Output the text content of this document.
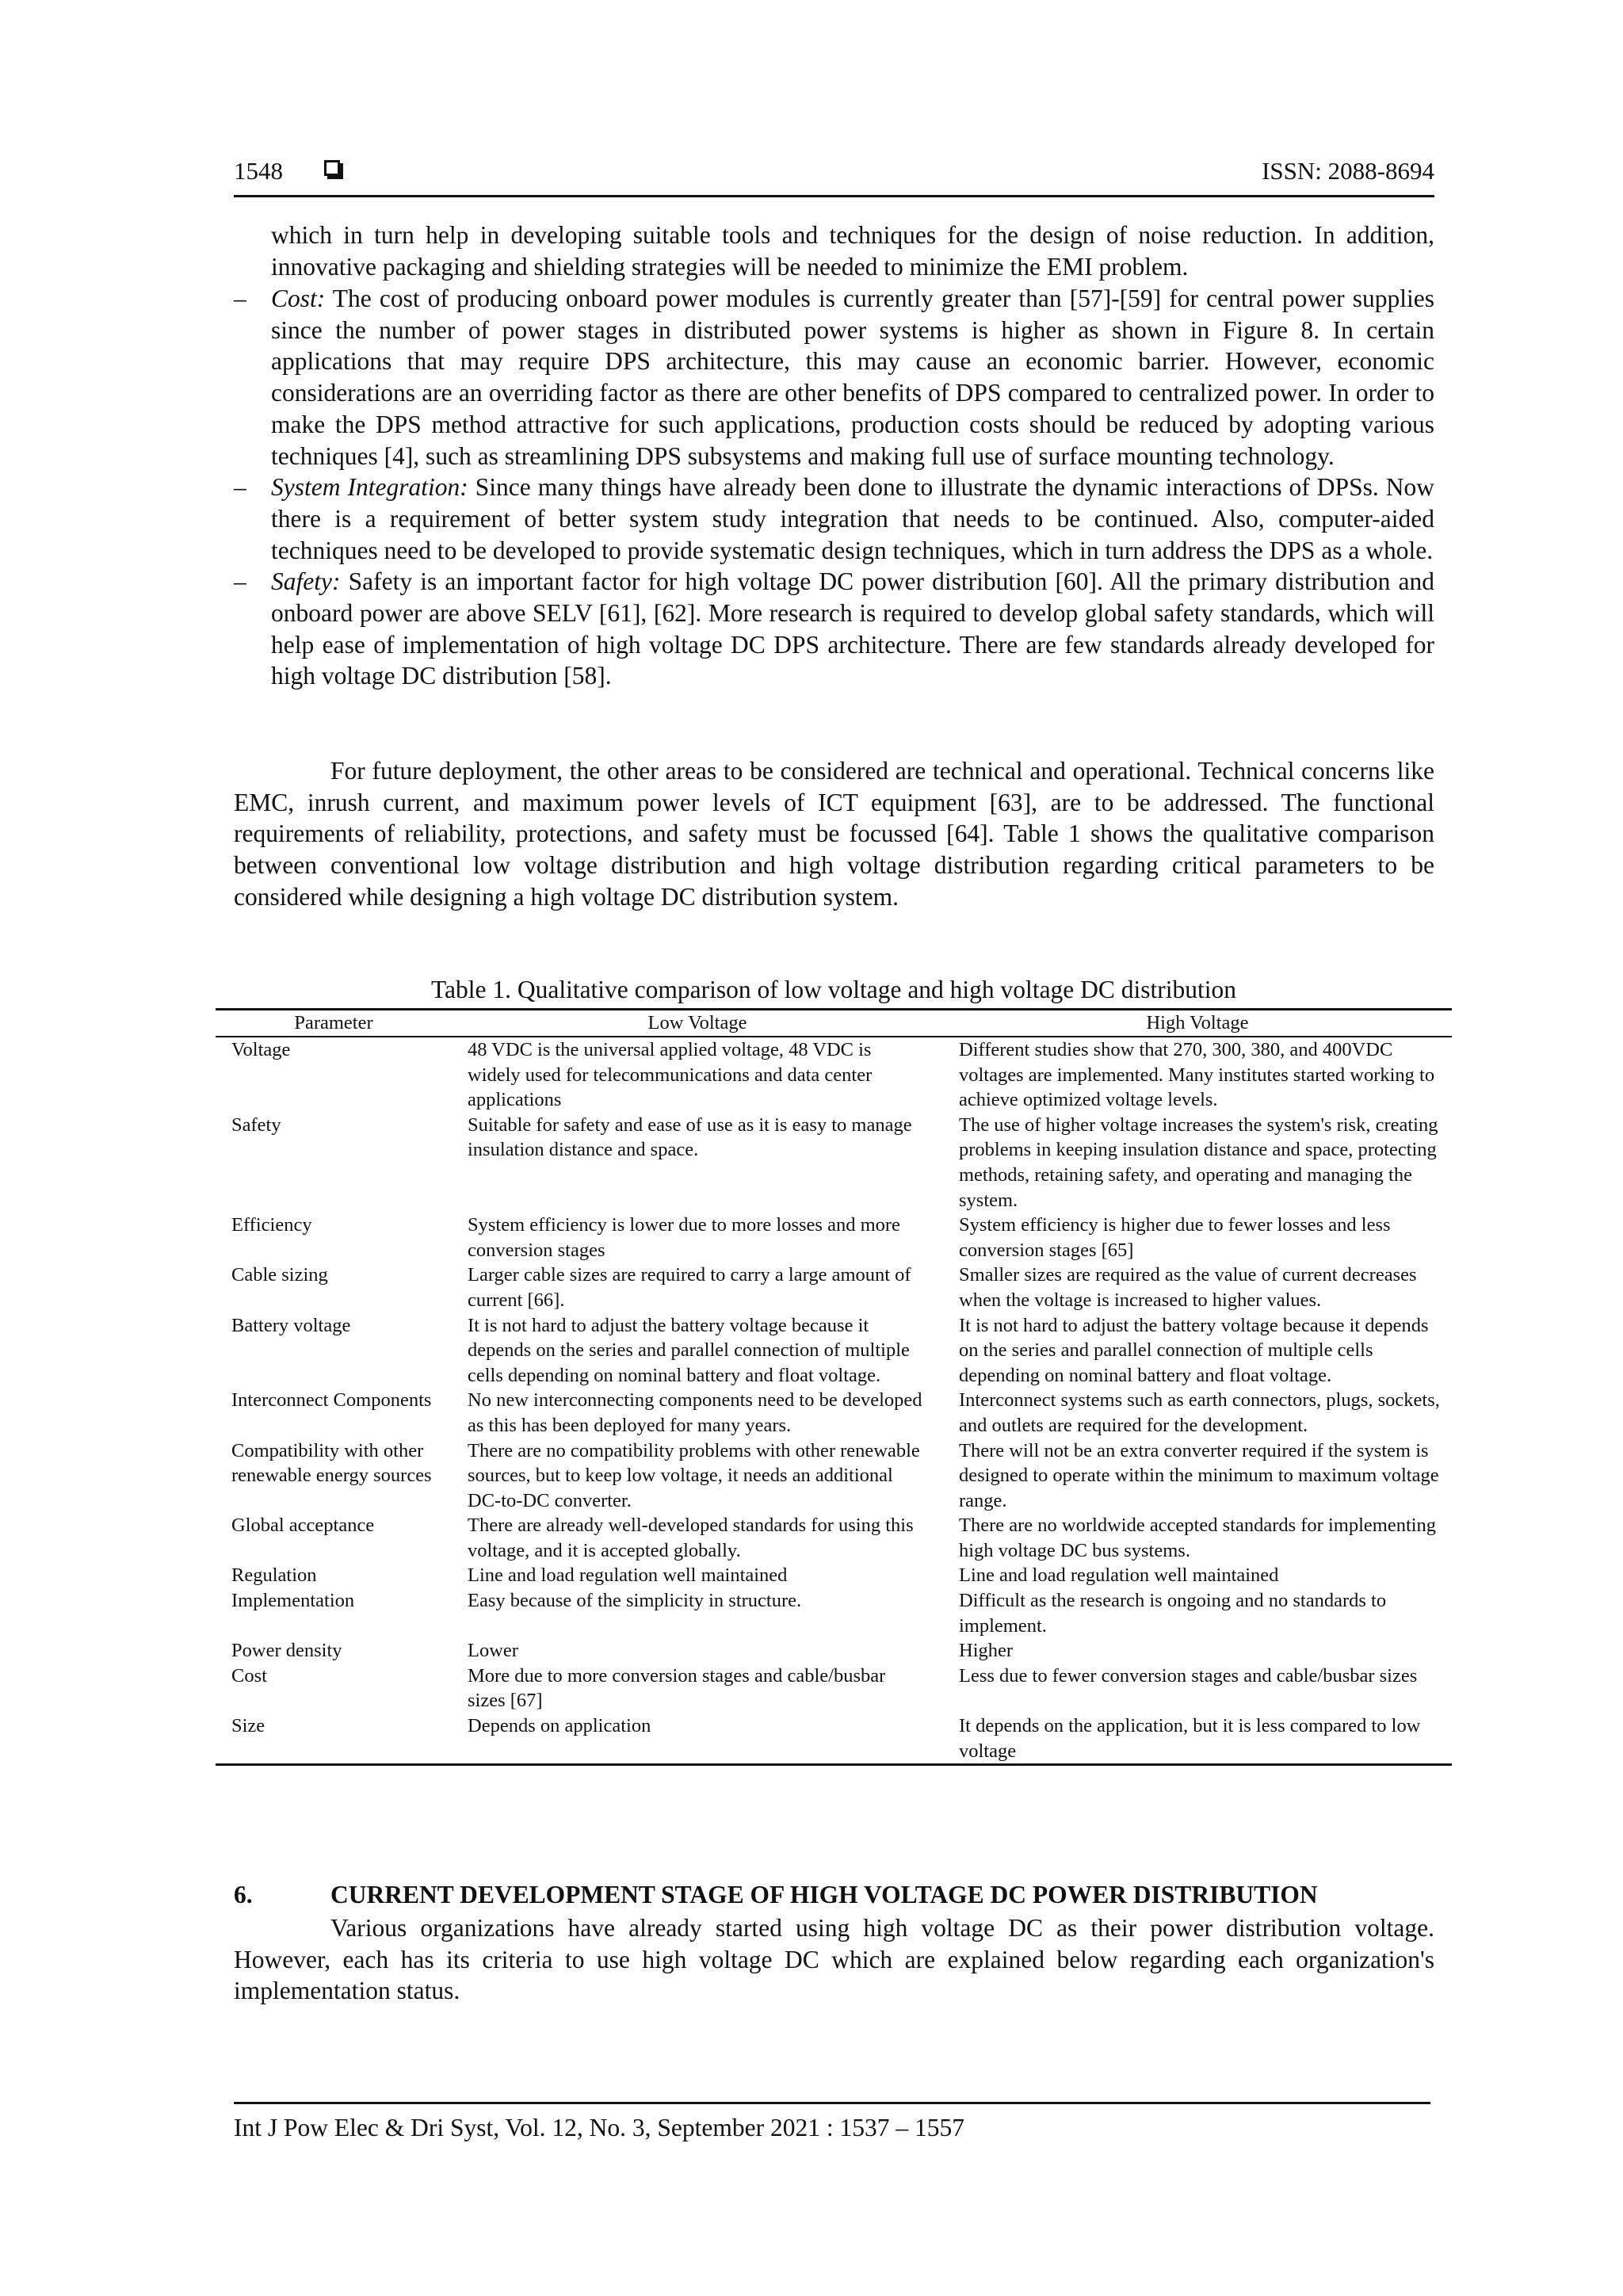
1548	ISSN: 2088-8694
which in turn help in developing suitable tools and techniques for the design of noise reduction. In addition, innovative packaging and shielding strategies will be needed to minimize the EMI problem.
– Cost: The cost of producing onboard power modules is currently greater than [57]-[59] for central power supplies since the number of power stages in distributed power systems is higher as shown in Figure 8. In certain applications that may require DPS architecture, this may cause an economic barrier. However, economic considerations are an overriding factor as there are other benefits of DPS compared to centralized power. In order to make the DPS method attractive for such applications, production costs should be reduced by adopting various techniques [4], such as streamlining DPS subsystems and making full use of surface mounting technology.
– System Integration: Since many things have already been done to illustrate the dynamic interactions of DPSs. Now there is a requirement of better system study integration that needs to be continued. Also, computer-aided techniques need to be developed to provide systematic design techniques, which in turn address the DPS as a whole.
– Safety: Safety is an important factor for high voltage DC power distribution [60]. All the primary distribution and onboard power are above SELV [61], [62]. More research is required to develop global safety standards, which will help ease of implementation of high voltage DC DPS architecture. There are few standards already developed for high voltage DC distribution [58].
For future deployment, the other areas to be considered are technical and operational. Technical concerns like EMC, inrush current, and maximum power levels of ICT equipment [63], are to be addressed. The functional requirements of reliability, protections, and safety must be focussed [64]. Table 1 shows the qualitative comparison between conventional low voltage distribution and high voltage distribution regarding critical parameters to be considered while designing a high voltage DC distribution system.
Table 1. Qualitative comparison of low voltage and high voltage DC distribution
Parameter	Low Voltage	High Voltage
Voltage	48 VDC is the universal applied voltage, 48 VDC is widely used for telecommunications and data center applications	Different studies show that 270, 300, 380, and 400VDC voltages are implemented. Many institutes started working to achieve optimized voltage levels.
Safety	Suitable for safety and ease of use as it is easy to manage insulation distance and space.	The use of higher voltage increases the system's risk, creating problems in keeping insulation distance and space, protecting methods, retaining safety, and operating and managing the system.
Efficiency	System efficiency is lower due to more losses and more conversion stages	System efficiency is higher due to fewer losses and less conversion stages [65]
Cable sizing	Larger cable sizes are required to carry a large amount of current [66].	Smaller sizes are required as the value of current decreases when the voltage is increased to higher values.
Battery voltage	It is not hard to adjust the battery voltage because it depends on the series and parallel connection of multiple cells depending on nominal battery and float voltage.	It is not hard to adjust the battery voltage because it depends on the series and parallel connection of multiple cells depending on nominal battery and float voltage.
Interconnect Components	No new interconnecting components need to be developed as this has been deployed for many years.	Interconnect systems such as earth connectors, plugs, sockets, and outlets are required for the development.
Compatibility with other renewable energy sources	There are no compatibility problems with other renewable sources, but to keep low voltage, it needs an additional DC-to-DC converter.	There will not be an extra converter required if the system is designed to operate within the minimum to maximum voltage range.
Global acceptance	There are already well-developed standards for using this voltage, and it is accepted globally.	There are no worldwide accepted standards for implementing high voltage DC bus systems.
Regulation	Line and load regulation well maintained	Line and load regulation well maintained
Implementation	Easy because of the simplicity in structure.	Difficult as the research is ongoing and no standards to implement.
Power density	Lower	Higher
Cost	More due to more conversion stages and cable/busbar sizes [67]	Less due to fewer conversion stages and cable/busbar sizes
Size	Depends on application	It depends on the application, but it is less compared to low voltage
6.	CURRENT DEVELOPMENT STAGE OF HIGH VOLTAGE DC POWER DISTRIBUTION
Various organizations have already started using high voltage DC as their power distribution voltage. However, each has its criteria to use high voltage DC which are explained below regarding each organization's implementation status.
Int J Pow Elec & Dri Syst, Vol. 12, No. 3, September 2021 : 1537 – 1557
